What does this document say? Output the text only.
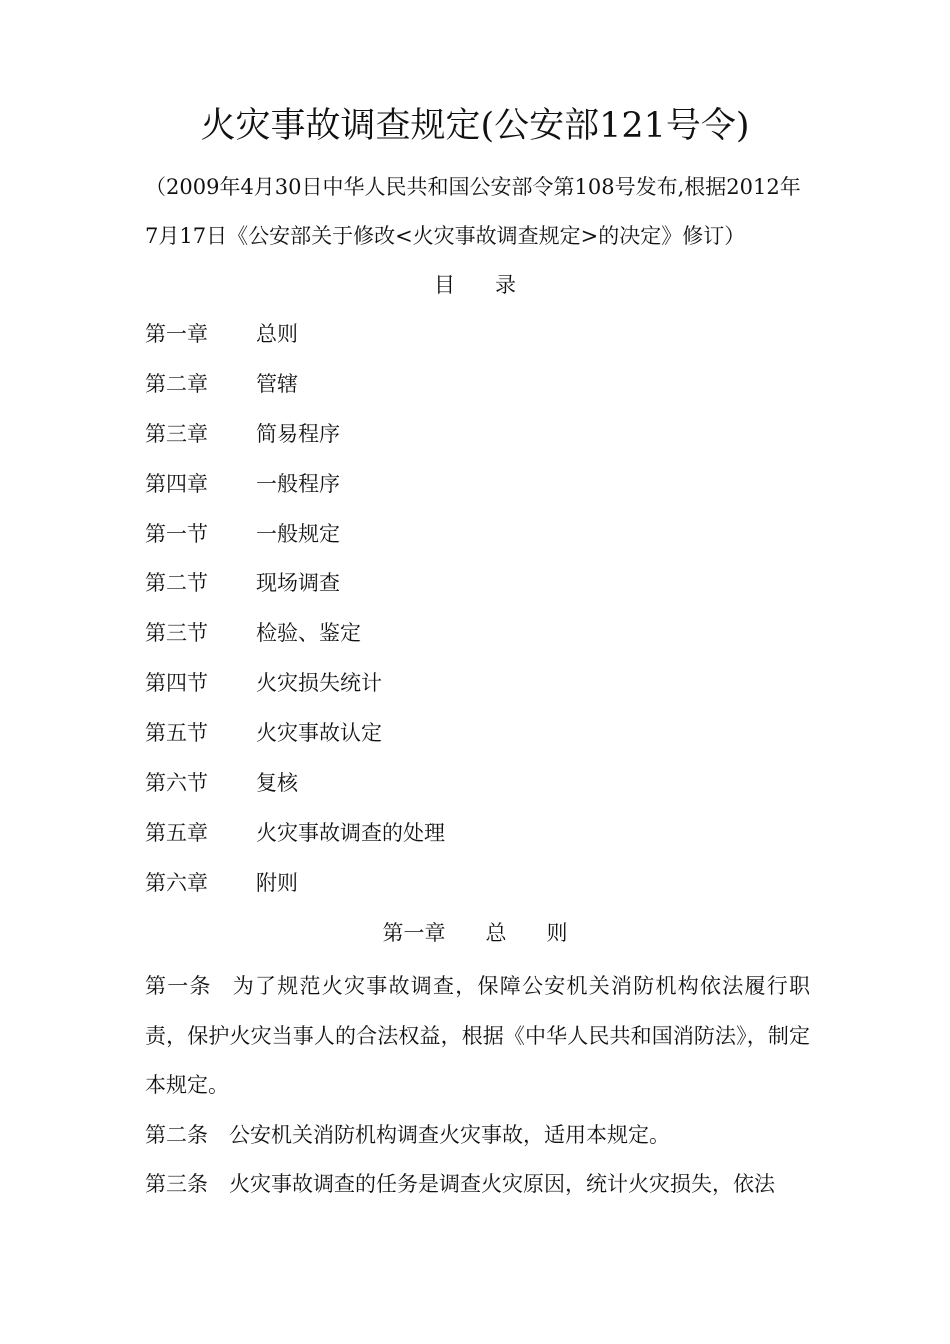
火灾事故调查规定(公安部121号令)
（2009年4月30日中华人民共和国公安部令第108号发布,根据2012年7月17日《公安部关于修改<火灾事故调查规定>的决定》修订）
目录
第一章 总则
第二章 管辖
第三章 简易程序
第四章 一般程序
第一节 一般规定
第二节 现场调查
第三节 检验、鉴定
第四节 火灾损失统计
第五节 火灾事故认定
第六节 复核
第五章 火灾事故调查的处理
第六章 附则
第一章 总则

第一条 为了规范火灾事故调查，保障公安机关消防机构依法履行职责，保护火灾当事人的合法权益，根据《中华人民共和国消防法》，制定本规定。

第二条 公安机关消防机构调查火灾事故，适用本规定。

第三条 火灾事故调查的任务是调查火灾原因，统计火灾损失，依法
